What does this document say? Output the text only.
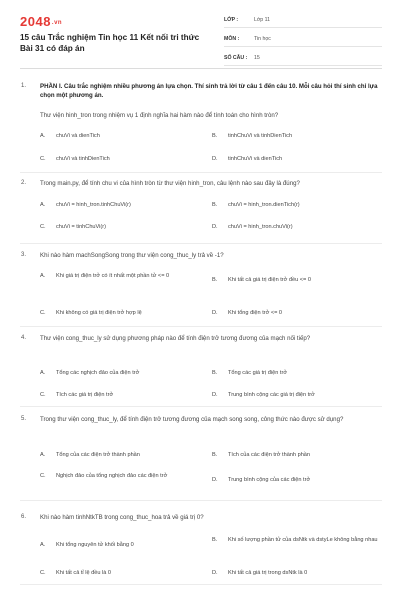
2048.vn
15 câu Trắc nghiệm Tin học 11 Kết nối tri thức Bài 31 có đáp án
LỚP :	Lớp 11
MÔN :	Tin học
SỐ CÂU :	15
1. PHẦN I. Câu trắc nghiệm nhiều phương án lựa chọn. Thí sinh trả lời từ câu 1 đến câu 10. Mỗi câu hỏi thí sinh chỉ lựa chọn một phương án.
Thư viện hinh_tron trong nhiệm vụ 1 định nghĩa hai hàm nào để tính toán cho hình tròn?
A.	chuVi và dienTich	B.	tinhChuVi và tinhDienTich
C.	chuVi và tinhDienTich	D.	tinhChuVi và dienTich
2. Trong main.py, để tính chu vi của hình tròn từ thư viện hinh_tron, câu lệnh nào sau đây là đúng?
A.	chuVi = hinh_tron.tinhChuVi(r)	B.	chuVi = hinh_tron.dienTich(r)
C.	chuVi = tinhChuVi(r)	D.	chuVi = hinh_tron.chuVi(r)
3. Khi nào hàm machSongSong trong thư viện cong_thuc_ly trả về -1?
A.	Khi giá trị điện trở có ít nhất một phần tử <= 0
B.	Khi tất cả giá trị điện trở đều <= 0
C.	Khi không có giá trị điện trở hợp lệ	D.	Khi tổng điện trở <= 0
4. Thư viện cong_thuc_ly sử dụng phương pháp nào để tính điện trở tương đương của mạch nối tiếp?
A.	Tổng các nghịch đảo của điện trở	B.	Tổng các giá trị điện trở
C.	Tích các giá trị điện trở	D.	Trung bình cộng các giá trị điện trở
5. Trong thư viện cong_thuc_ly, để tính điện trở tương đương của mạch song song, công thức nào được sử dụng?
A.	Tổng của các điện trở thành phần	B.	Tích của các điện trở thành phần
C.	Nghịch đảo của tổng nghịch đảo các điện trở
D.	Trung bình cộng của các điện trở
6. Khi nào hàm tinhNtkTB trong cong_thuc_hoa trả về giá trị 0?
A.	Khi tổng nguyên tử khối bằng 0
B.	Khi số lượng phần tử của dsNtk và dstyLe không bằng nhau
C.	Khi tất cả tỉ lệ đều là 0	D.	Khi tất cả giá trị trong dsNtk là 0
